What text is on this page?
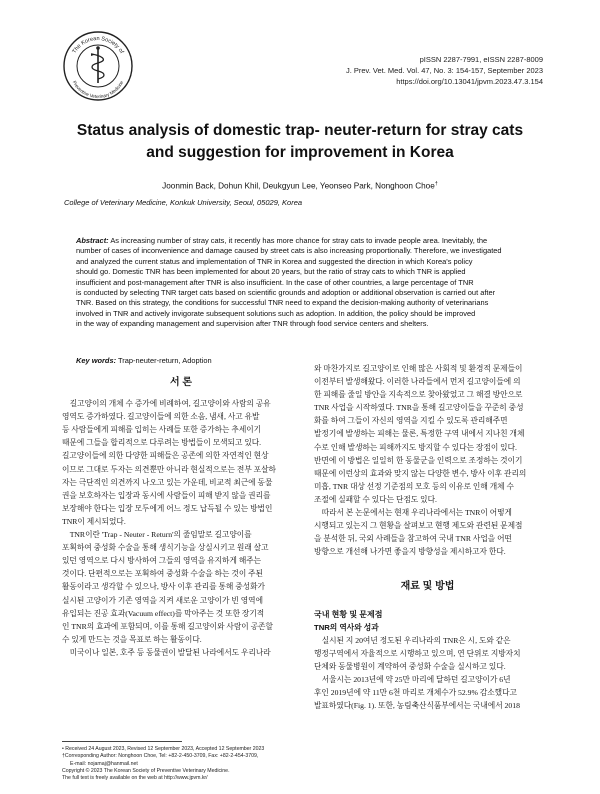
The Korean Society of
Preventive Veterinary Medicine
pISSN 2287-7991, eISSN 2287-8009
J. Prev. Vet. Med. Vol. 47, No. 3: 154-157, September 2023
https://doi.org/10.13041/jpvm.2023.47.3.154
Status analysis of domestic trap- neuter-return for stray cats
and suggestion for improvement in Korea
Joonmin Back, Dohun Khil, Deukgyun Lee, Yeonseo Park, Nonghoon Choe†
College of Veterinary Medicine, Konkuk University, Seoul, 05029, Korea
Abstract: As increasing number of stray cats, it recently has more chance for stray cats to invade people area. Inevitably, the
number of cases of inconvenience and damage caused by street cats is also increasing proportionally. Therefore, we investigated
and analyzed the current status and implementation of TNR in Korea and suggested the direction in which Korea's policy
should go. Domestic TNR has been implemented for about 20 years, but the ratio of stray cats to which TNR is applied
insufficient and post-management after TNR is also insufficient. In the case of other countries, a large percentage of TNR
is conducted by selecting TNR target cats based on scientific grounds and adoption or additional observation is carried out after
TNR. Based on this strategy, the conditions for successful TNR need to expand the decision-making authority of veterinarians
involved in TNR and actively invigorate subsequent solutions such as adoption. In addition, the policy should be improved
in the way of expanding management and supervision after TNR through food service centers and shelters.
Key words: Trap-neuter-return, Adoption
서 론

길고양이의 개체 수 증가에 비례하여, 길고양이와 사람의 공유

영역도 증가하였다. 길고양이들에 의한 소음, 냄새, 사고 유발

등 사람들에게 피해를 입히는 사례들 또한 증가하는 추세이기

때문에 그들을 합리적으로 다루려는 방법들이 모색되고 있다.

길고양이들에 의한 다양한 피해들은 공존에 의한 자연적인 현상

이므로 그대로 두자는 의견뿐만 아니라 현실적으로는 전부 포살하

자는 극단적인 의견까지 나오고 있는 가운데, 비교적 최근에 동물

권을 보호하자는 입장과 동시에 사람들이 피해 받지 않을 권리를

보장해야 한다는 입장 모두에게 어느 정도 납득될 수 있는 방법인

TNR이 제시되었다.

TNR이란 'Trap - Neuter - Return'의 줄임말로 길고양이를

포획하여 중성화 수술을 통해 생식기능을 상실시키고 원래 살고

있던 영역으로 다시 방사하여 그들의 영역을 유지하게 해주는

것이다. 단편적으로는 포획하여 중성화 수술을 하는 것이 주된

활동이라고 생각할 수 있으나, 방사 이후 관리를 통해 중성화가

실시된 고양이가 기존 영역을 지켜 새로운 고양이가 빈 영역에

유입되는 진공 효과(Vacuum effect)를 막아주는 것 또한 장기적

인 TNR의 효과에 포함되며, 이를 통해 길고양이와 사람이 공존할

수 있게 만드는 것을 목표로 하는 활동이다.

미국이나 일본, 호주 등 동물권이 발달된 나라에서도 우리나라

와 마찬가지로 길고양이로 인해 많은 사회적 및 환경적 문제들이

이전부터 발생해왔다. 이러한 나라들에서 먼저 길고양이들에 의

한 피해를 줄일 방안을 지속적으로 찾아왔었고 그 해결 방안으로

TNR 사업을 시작하였다. TNR을 통해 길고양이들을 꾸준히 중성

화를 하여 그들이 자신의 영역을 지킬 수 있도록 관리해주면

발정기에 발생하는 피해는 물론, 특정한 구역 내에서 지나친 개체

수로 인해 발생하는 피해까지도 방지할 수 있다는 장점이 있다.

반면에 이 방법은 일일히 한 동물군을 인력으로 조정하는 것이기

때문에 이런상의 효과와 맞지 않는 다양한 변수, 방사 이후 관리의

미흡, TNR 대상 선정 기준점의 모호 등의 이유로 인해 개체 수

조절에 실패할 수 있다는 단점도 있다.

따라서 본 논문에서는 현재 우리나라에서는 TNR이 어떻게

시행되고 있는지 그 현황을 살펴보고 현행 제도와 관련된 문제점

을 분석한 뒤, 국외 사례들을 참고하여 국내 TNR 사업을 어떤

방향으로 개선해 나가면 좋을지 방향성을 제시하고자 한다.

재료 및 방법
국내 현황 및 문제점
TNR의 역사와 성과

실시된 지 20여년 정도된 우리나라의 TNR은 시, 도와 같은

행정구역에서 자율적으로 시행하고 있으며, 연 단위로 지방자치

단체와 동물병원이 계약하여 중성화 수술을 실시하고 있다.

서울시는 2013년에 약 25만 마리에 달하던 길고양이가 6년

후인 2019년에 약 11만 6천 마리로 개체수가 52.9% 감소했다고

발표하였다(Fig. 1). 또한, 농림축산식품부에서는 국내에서 2018

• Received 24 August 2023, Revised 12 September 2023, Accepted 12 September 2023
†Corresponding Author: Nonghoon Choe, Tel: +82-2-450-3709, Fax: +82-2-454-3709,
E-mail: nojamaj@hanmail.net
Copyright © 2023 The Korean Society of Preventive Veterinary Medicine.
The full text is freely available on the web at http://www.jpvm.kr/
